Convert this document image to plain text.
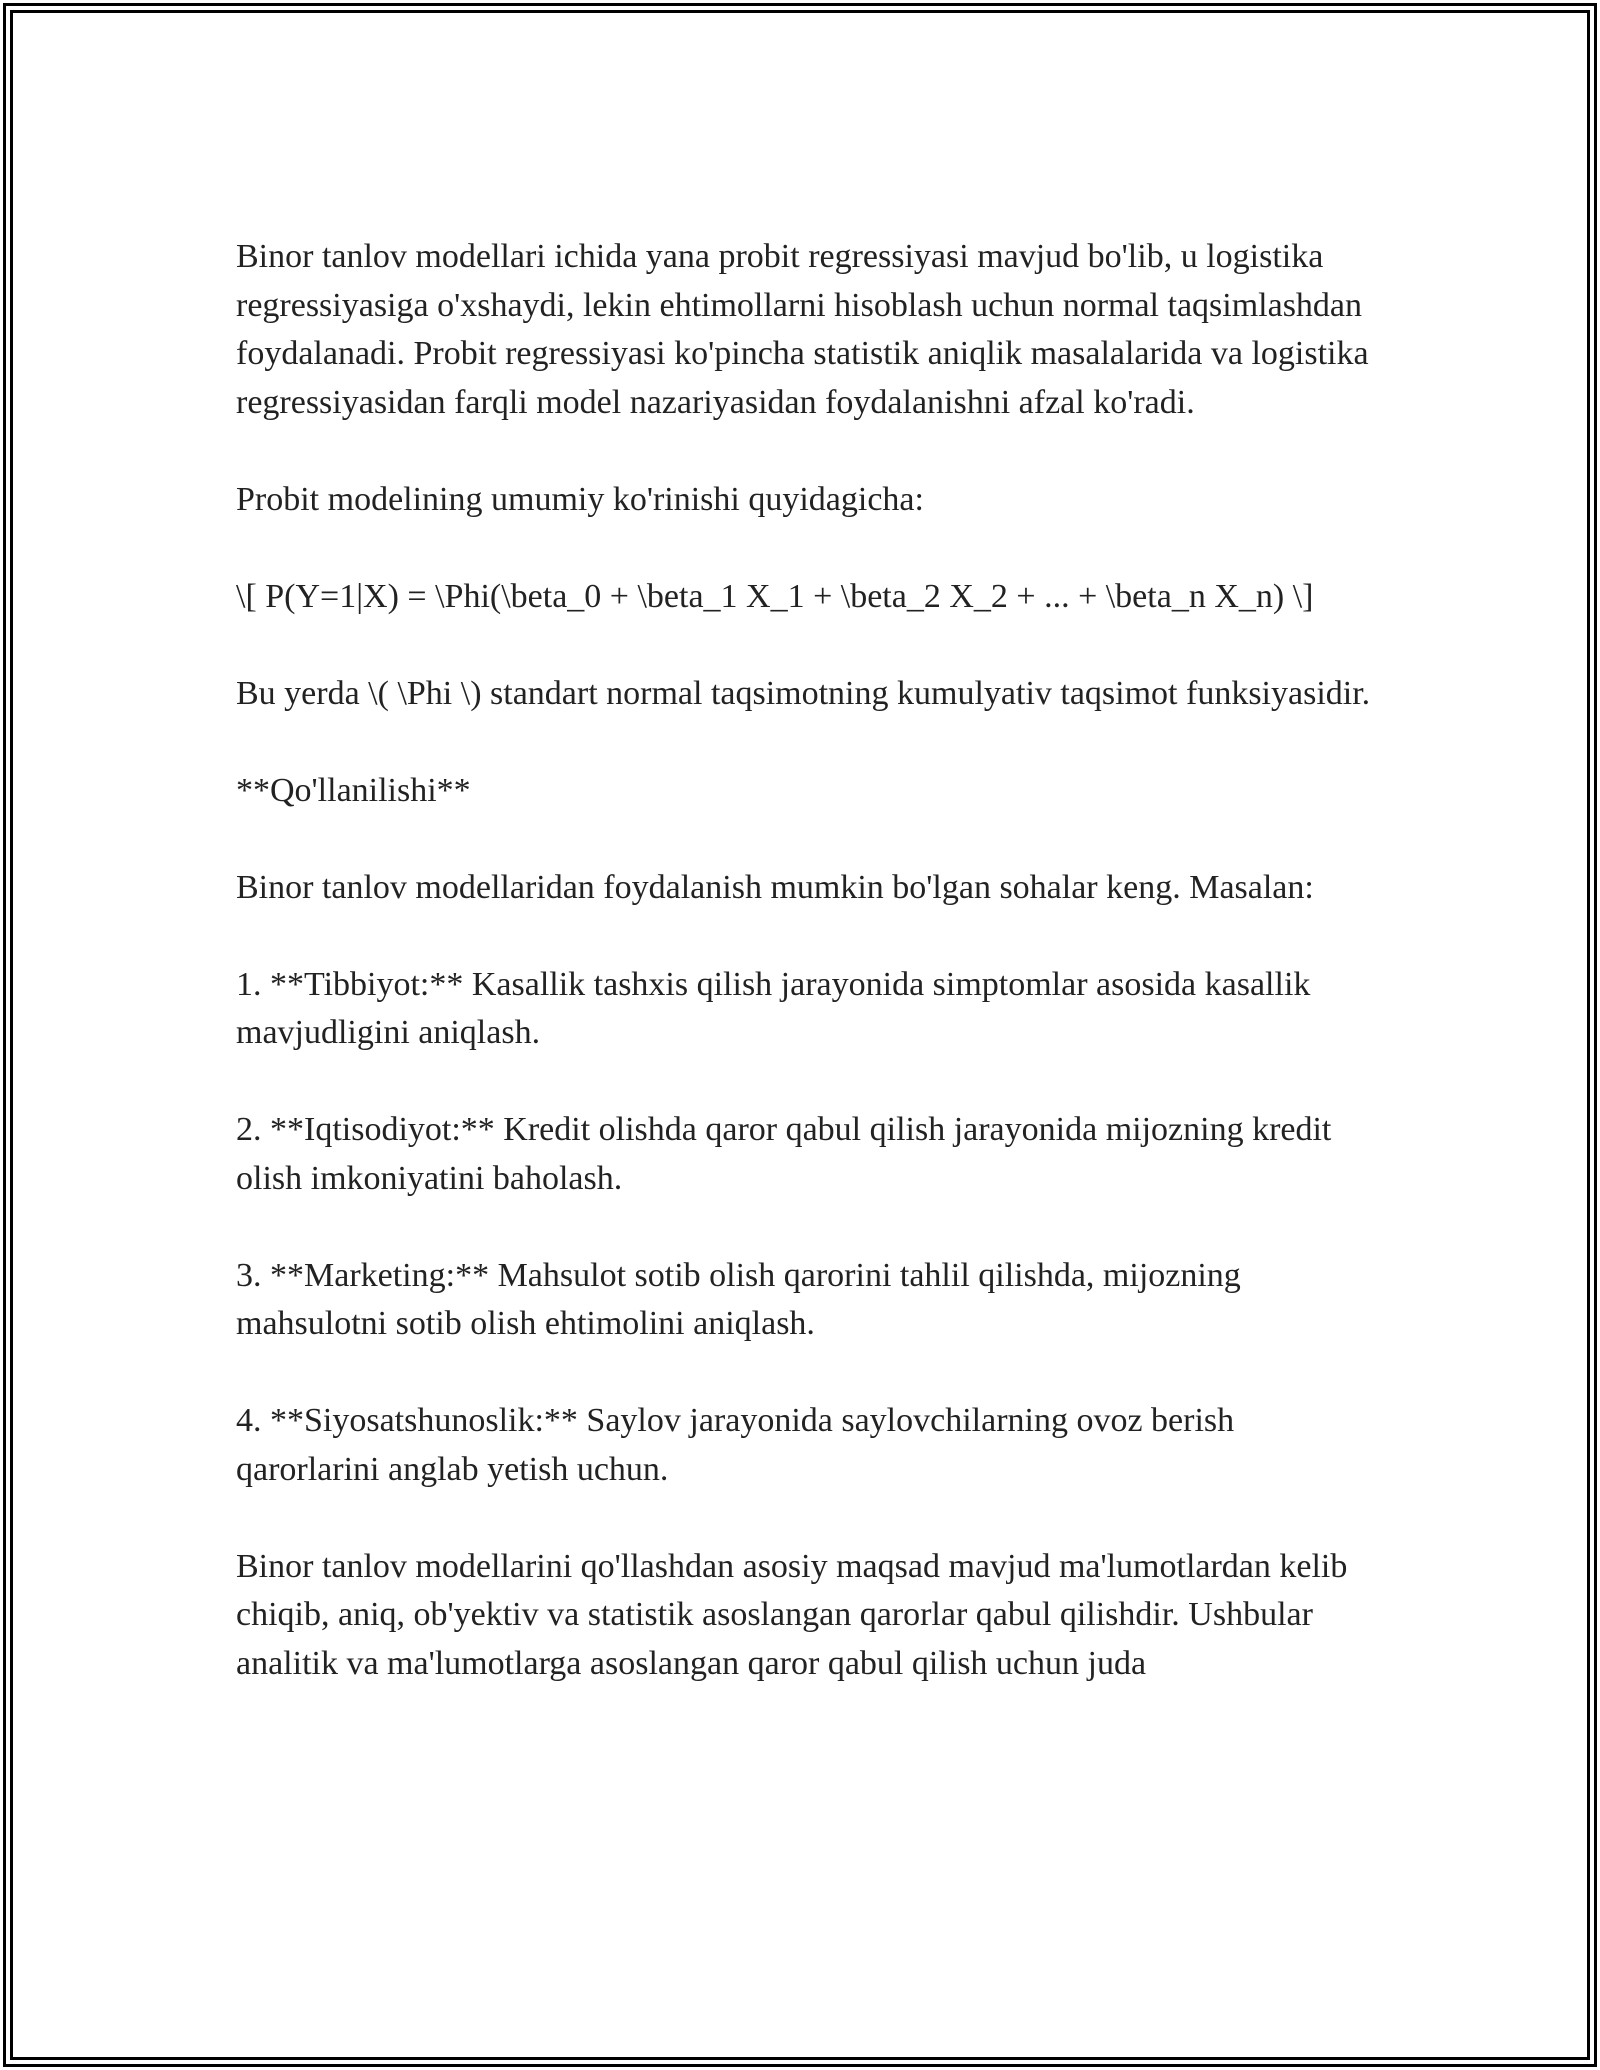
Binor tanlov modellari ichida yana probit regressiyasi mavjud bo'lib, u logistika regressiyasiga o'xshaydi, lekin ehtimollarni hisoblash uchun normal taqsimlashdan foydalanadi. Probit regressiyasi ko'pincha statistik aniqlik masalalarida va logistika regressiyasidan farqli model nazariyasidan foydalanishni afzal ko'radi.

Probit modelining umumiy ko'rinishi quyidagicha:

\[ P(Y=1|X) = \Phi(\beta_0 + \beta_1 X_1 + \beta_2 X_2 + ... + \beta_n X_n) \]

Bu yerda \( \Phi \) standart normal taqsimotning kumulyativ taqsimot funksiyasidir.

**Qo'llanilishi**

Binor tanlov modellaridan foydalanish mumkin bo'lgan sohalar keng. Masalan:

1. **Tibbiyot:** Kasallik tashxis qilish jarayonida simptomlar asosida kasallik mavjudligini aniqlash.

2. **Iqtisodiyot:** Kredit olishda qaror qabul qilish jarayonida mijozning kredit olish imkoniyatini baholash.

3. **Marketing:** Mahsulot sotib olish qarorini tahlil qilishda, mijozning mahsulotni sotib olish ehtimolini aniqlash.

4. **Siyosatshunoslik:** Saylov jarayonida saylovchilarning ovoz berish qarorlarini anglab yetish uchun.

Binor tanlov modellarini qo'llashdan asosiy maqsad mavjud ma'lumotlardan kelib chiqib, aniq, ob'yektiv va statistik asoslangan qarorlar qabul qilishdir. Ushbular analitik va ma'lumotlarga asoslangan qaror qabul qilish uchun juda
